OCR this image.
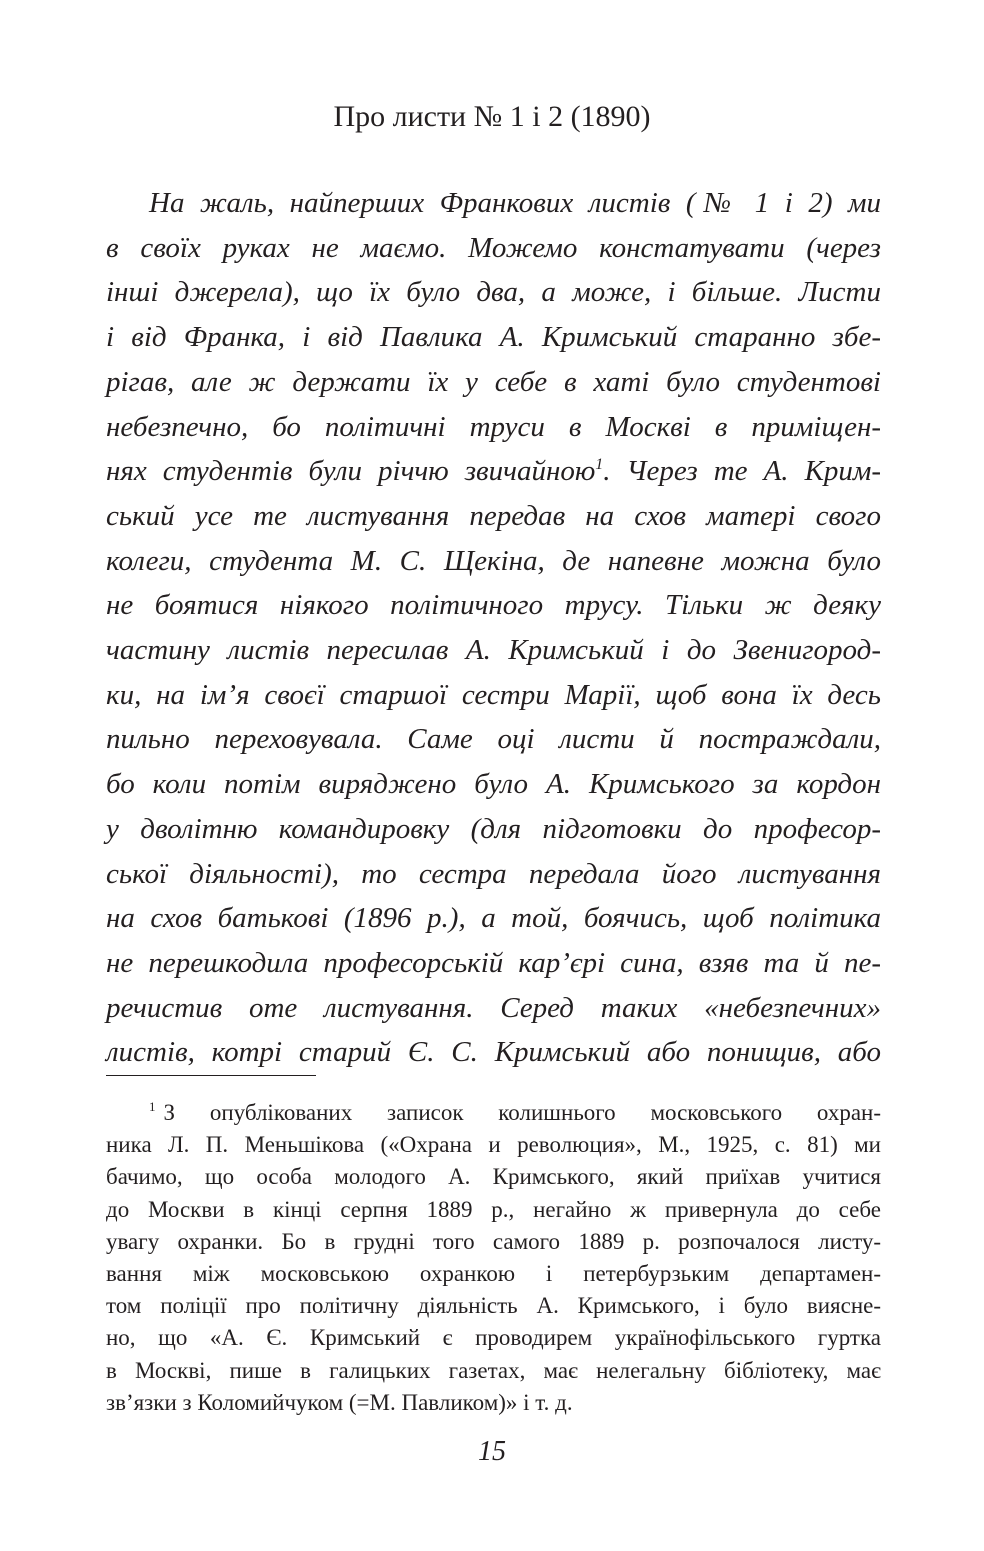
Про листи № 1 і 2 (1890)
На жаль, найперших Франкових листів (№ 1 і 2) ми
в своїх руках не маємо. Можемо констатувати (через
інші джерела), що їх було два, а може, і більше. Листи
і від Франка, і від Павлика А. Кримський старанно збе-
рігав, але ж держати їх у себе в хаті було студентові
небезпечно, бо політичні труси в Москві в приміщен-
нях студентів були річчю звичайною$^1$. Через те А. Крим-
ський усе те листування передав на схов матері свого
колеги, студента М. С. Щекіна, де напевне можна було
не боятися ніякого політичного трусу. Тільки ж деяку
частину листів пересилав А. Кримський і до Звенигород-
ки, на ім’я своєї старшої сестри Марії, щоб вона їх десь
пильно переховувала. Саме оці листи й постраждали,
бо коли потім виряджено було А. Кримського за кордон
у дволітню командировку (для підготовки до професор-
ської діяльності), то сестра передала його листування
на схов батькові (1896 р.), а той, боячись, щоб політика
не перешкодила професорській кар’єрі сина, взяв та й пе-
речистив оте листування. Серед таких «небезпечних»
листів, котрі старий Є. С. Кримський або понищив, або
$^1$ З опублікованих записок колишнього московського охран-
ника Л. П. Меньшікова («Охрана и революция», М., 1925, с. 81) ми
бачимо, що особа молодого А. Кримського, який приїхав учитися
до Москви в кінці серпня 1889 р., негайно ж привернула до себе
увагу охранки. Бо в грудні того самого 1889 р. розпочалося листу-
вання між московською охранкою і петербурзьким департамен-
том поліції про політичну діяльність А. Кримського, і було виясне-
но, що «А. Є. Кримський є проводирем українофільського гуртка
в Москві, пише в галицьких газетах, має нелегальну бібліотеку, має
зв’язки з Коломийчуком (=М. Павликом)» і т. д.
15
